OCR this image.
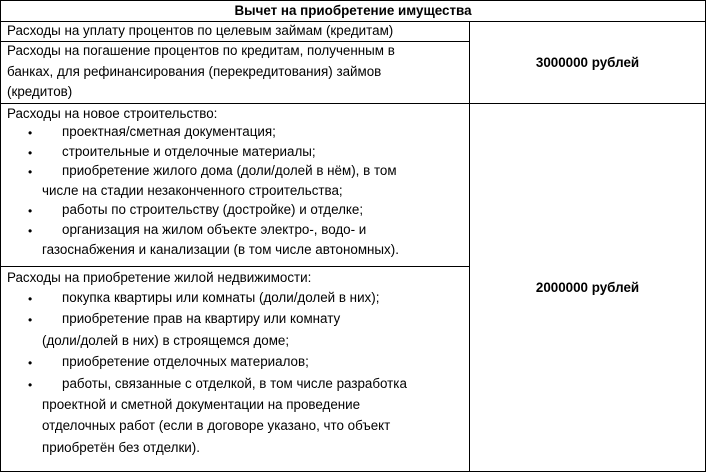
Вычет на приобретение имущества
Расходы на уплату процентов по целевым займам (кредитам)
Расходы на погашение процентов по кредитам, полученным в
банках, для рефинансирования (перекредитования) займов
(кредитов)
3000000 рублей
Расходы на новое строительство:
• проектная/сметная документация;
• строительные и отделочные материалы;
• приобретение жилого дома (доли/долей в нём), в том
числе на стадии незаконченного строительства;
• работы по строительству (достройке) и отделке;
• организация на жилом объекте электро-, водо- и
газоснабжения и канализации (в том числе автономных).
Расходы на приобретение жилой недвижимости:
• покупка квартиры или комнаты (доли/долей в них);
• приобретение прав на квартиру или комнату
(доли/долей в них) в строящемся доме;
• приобретение отделочных материалов;
• работы, связанные с отделкой, в том числе разработка
проектной и сметной документации на проведение
отделочных работ (если в договоре указано, что объект
приобретён без отделки).
2000000 рублей
